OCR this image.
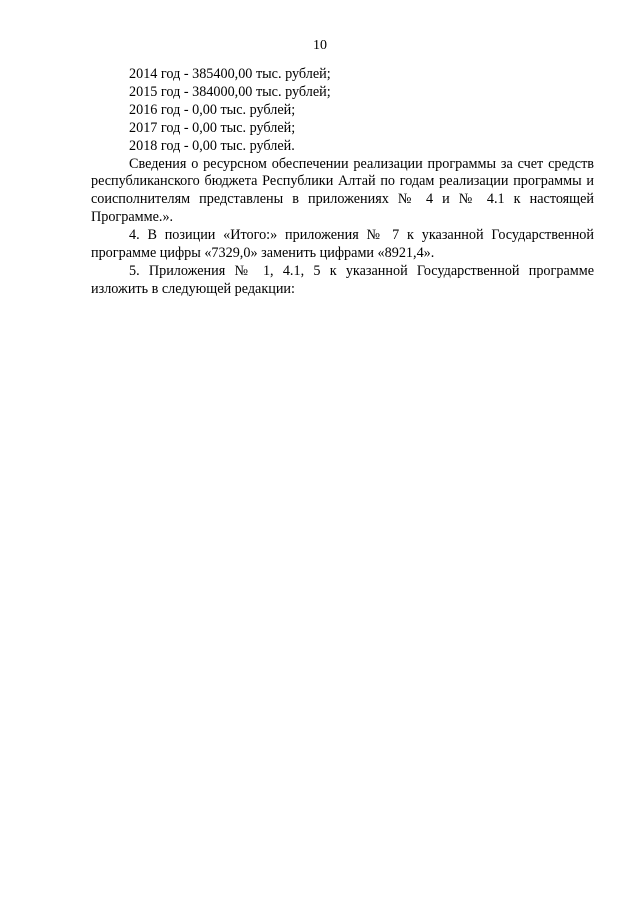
10

2014 год - 385400,00 тыс. рублей;

2015 год - 384000,00 тыс. рублей;

2016 год - 0,00 тыс. рублей;

2017 год - 0,00 тыс. рублей;

2018 год - 0,00 тыс. рублей.

Сведения о ресурсном обеспечении реализации программы за счет средств республиканского бюджета Республики Алтай по годам реализации программы и соисполнителям представлены в приложениях № 4 и № 4.1 к настоящей Программе.».

4. В позиции «Итого:» приложения № 7 к указанной Государственной программе цифры «7329,0» заменить цифрами «8921,4».

5. Приложения № 1, 4.1, 5 к указанной Государственной программе изложить в следующей редакции:
